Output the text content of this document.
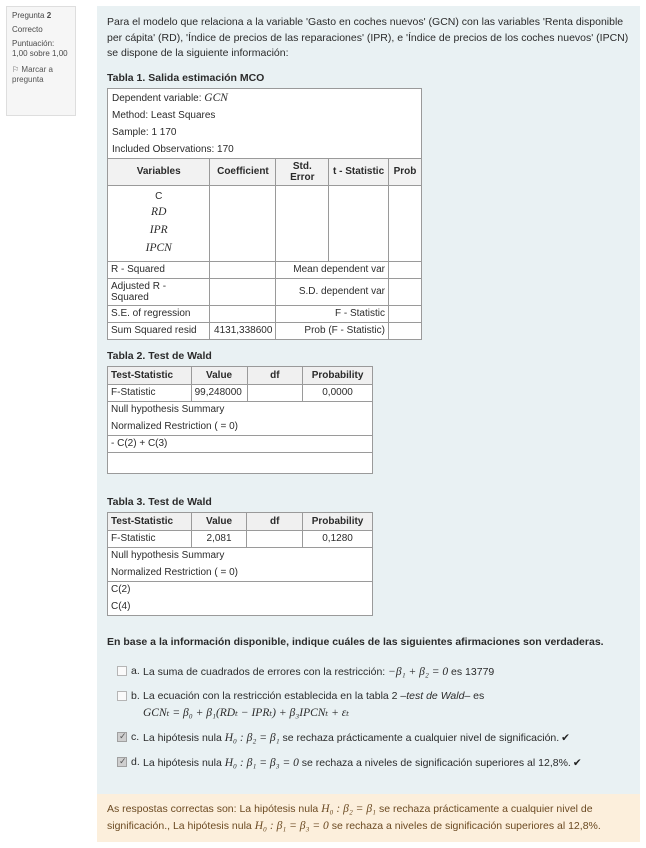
Pregunta 2
Correcto
Puntuación:
1,00 sobre 1,00
⚐ Marcar a pregunta

Para el modelo que relaciona a la variable 'Gasto en coches nuevos' (GCN) con las variables 'Renta disponible per cápita' (RD), 'Índice de precios de las reparaciones' (IPR), e 'Índice de precios de los coches nuevos' (IPCN) se dispone de la siguiente información:

Tabla 1. Salida estimación MCO
Dependent variable: GCN				
Method: Least Squares				
Sample: 1 170				
Included Observations: 170				
Variables	Coefficient	Std. Error	t - Statistic	Prob

C
RD
IPR
IPCN				

R - Squared		Mean dependent var		
Adjusted R - Squared		S.D. dependent var		
S.E. of regression		F - Statistic		
Sum Squared resid	4131,338600	Prob (F - Statistic)		
Tabla 2. Test de Wald
Test-Statistic	Value	df	Probability
F-Statistic	99,248000		0,0000
Null hypothesis Summary			
Normalized Restriction ( = 0)			
- C(2) + C(3)			

Tabla 3. Test de Wald
Test-Statistic	Value	df	Probability
F-Statistic	2,081		0,1280
Null hypothesis Summary			
Normalized Restriction ( = 0)			
C(2)			
C(4)			
En base a la información disponible, indique cuáles de las siguientes afirmaciones son verdaderas.
a. La suma de cuadrados de errores con la restricción: −β₁ + β₂ = 0 es 13779
b. La ecuación con la restricción establecida en la tabla 2 –test de Wald– es
GCNₜ = β₀ + β₁(RDₜ − IPRₜ) + β₃IPCNₜ + εₜ
✓
c. La hipótesis nula H₀ : β₂ = β₁ se rechaza prácticamente a cualquier nivel de significación. ✔
✓
d. La hipótesis nula H₀ : β₁ = β₃ = 0 se rechaza a niveles de significación superiores al 12,8%. ✔
As respostas correctas son: La hipótesis nula H₀ : β₂ = β₁ se rechaza prácticamente a cualquier nivel de significación., La hipótesis nula H₀ : β₁ = β₃ = 0 se rechaza a niveles de significación superiores al 12,8%.
